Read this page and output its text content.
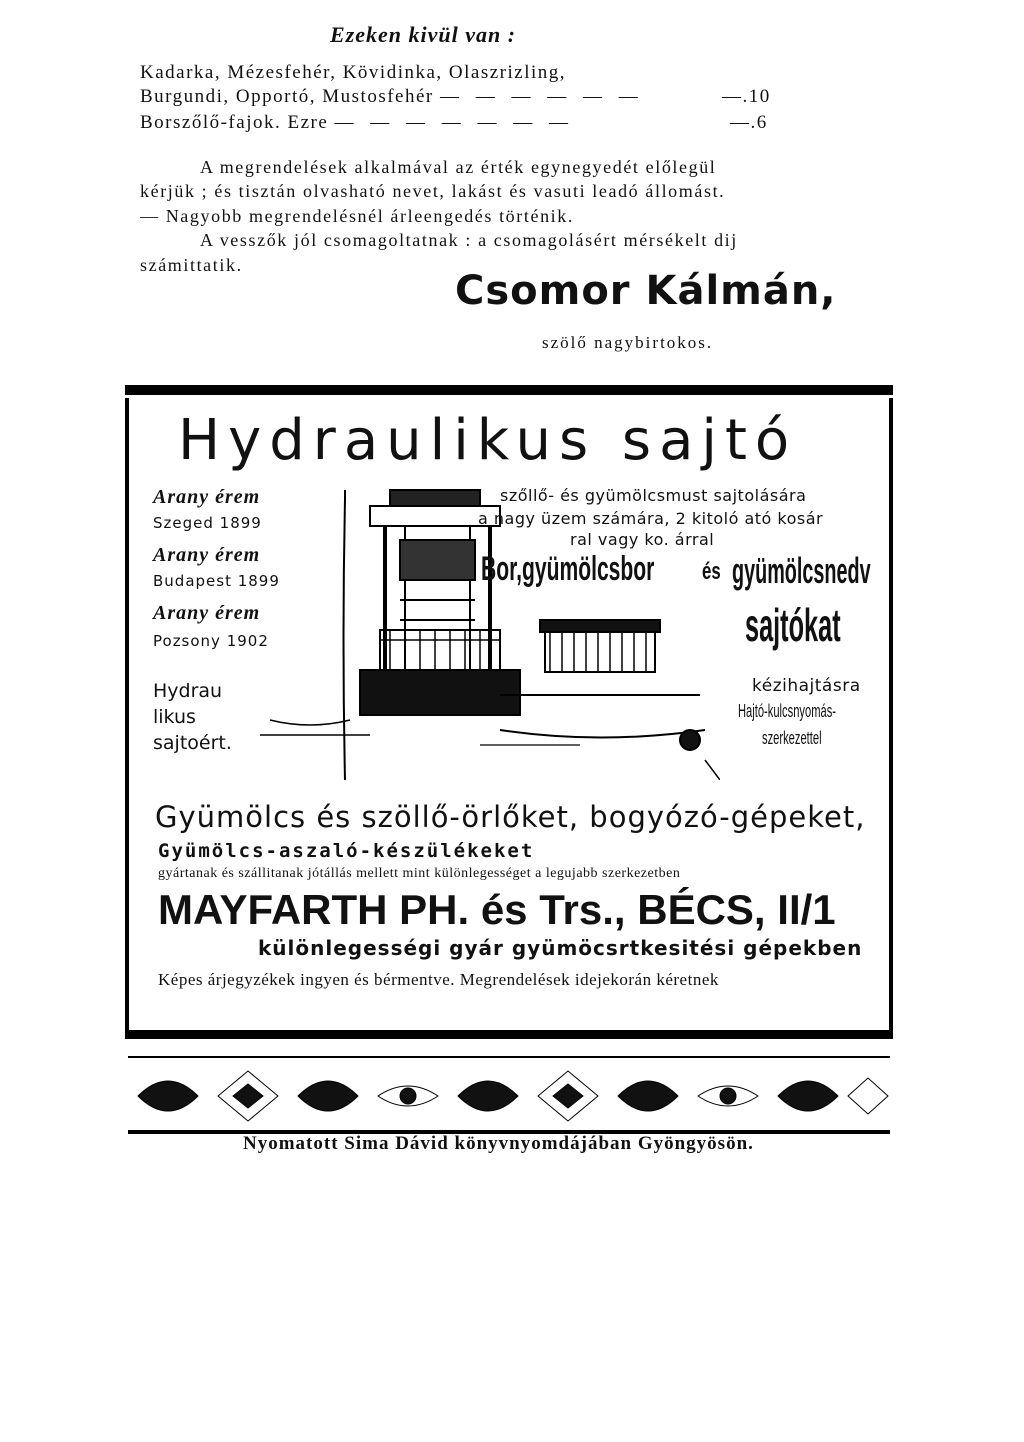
Ezeken kivül van :
Kadarka, Mézesfehér, Kövidinka, Olaszrizling,
Burgundi, Opportó, Mustosfehér — — — — — —	—.10
Borszőlő-fajok. Ezre — — — — — — —	—.6
A megrendelések alkalmával az érték egynegyedét előlegül
kérjük ; és tisztán olvasható nevet, lakást és vasuti leadó állomást.
— Nagyobb megrendelésnél árleengedés történik.
A vesszők jól csomagoltatnak : a csomagolásért mérsékelt dij
számittatik.
Csomor Kálmán,
szölő nagybirtokos.
Hydraulikus sajtó
Arany érem
Szeged 1899
Arany érem
Budapest 1899
Arany érem
Pozsony 1902
Hydrau
likus
sajtoért.
szőllő- és gyümölcsmust sajtolására
a nagy üzem számára, 2 kitoló ató kosár
ral vagy ko. árral
Bor,gyümölcsbor és gyümölcsnedv
sajtókat
kézihajtásra
Hajtó-kulcsnyomás-
szerkezettel
Gyümölcs és szöllő-örlőket, bogyózó-gépeket,
Gyümölcs-aszaló-készülékeket
gyártanak és szállitanak jótállás mellett mint különlegességet a legujabb szerkezetben
MAYFARTH PH. és Trs., BÉCS, II/1
különlegességi gyár gyümöcsrtkesitési gépekben
Képes árjegyzékek ingyen és bérmentve. Megrendelések idejekorán kéretnek
Nyomatott Sima Dávid könyvnyomdájában Gyöngyösön.
